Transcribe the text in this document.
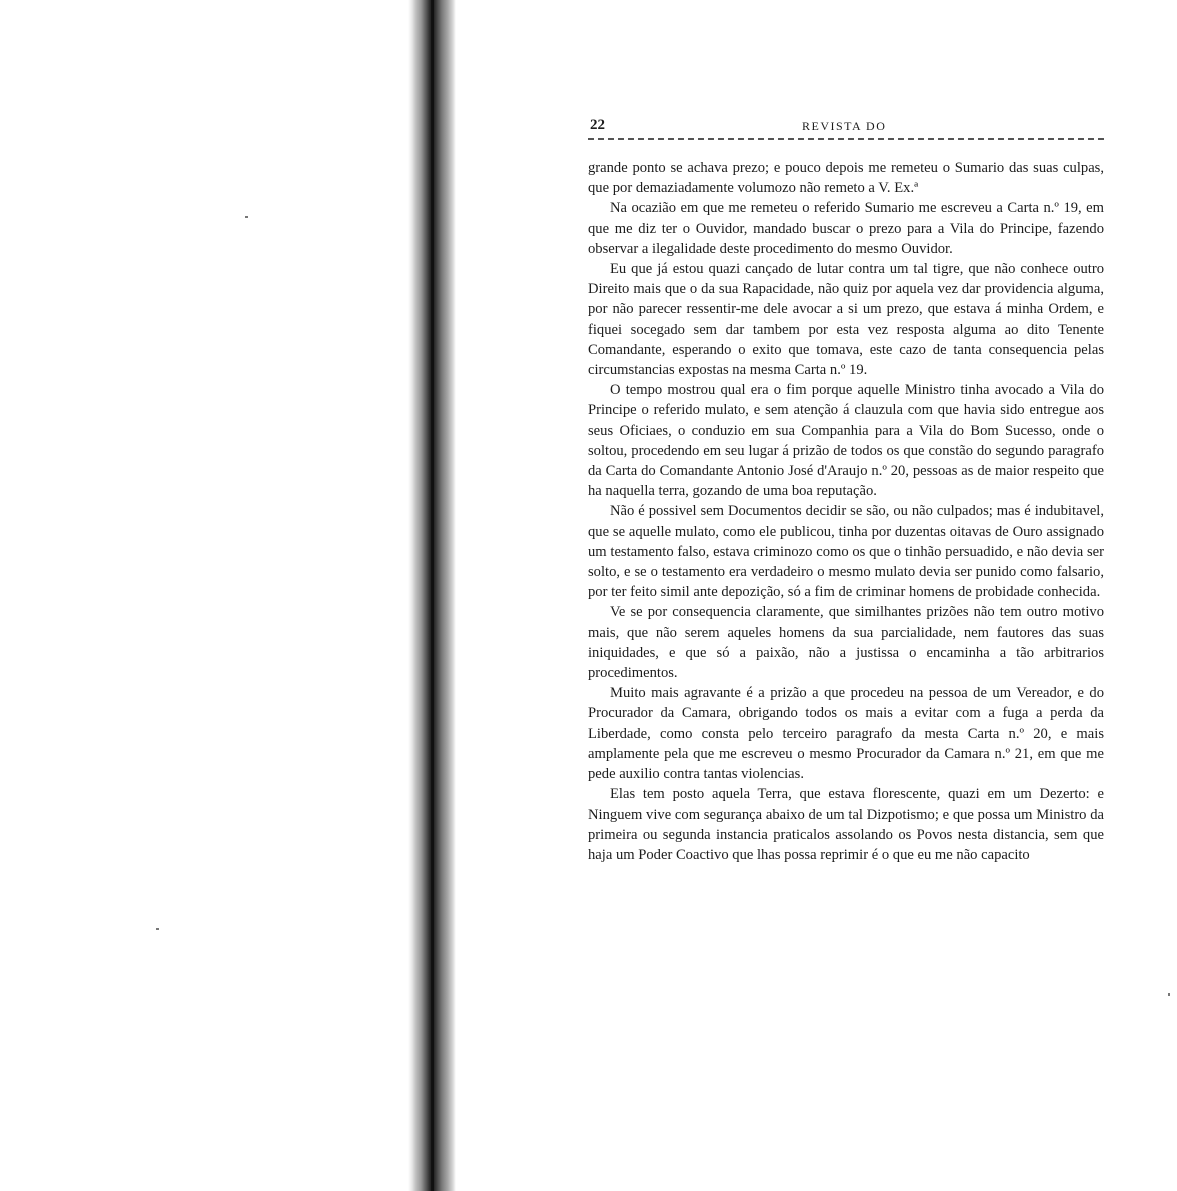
22	REVISTA DO

grande ponto se achava prezo; e pouco depois me remeteu o Sumario das suas culpas, que por demaziadamente volumozo não remeto a V. Ex.ª

Na ocazião em que me remeteu o referido Sumario me escreveu a Carta n.º 19, em que me diz ter o Ouvidor, mandado buscar o prezo para a Vila do Principe, fazendo observar a ilegalidade deste procedimento do mesmo Ouvidor.

Eu que já estou quazi cançado de lutar contra um tal tigre, que não conhece outro Direito mais que o da sua Rapacidade, não quiz por aquela vez dar providencia alguma, por não parecer ressentir-me dele avocar a si um prezo, que estava á minha Ordem, e fiquei socegado sem dar tambem por esta vez resposta alguma ao dito Tenente Comandante, esperando o exito que tomava, este cazo de tanta consequencia pelas circumstancias expostas na mesma Carta n.º 19.

O tempo mostrou qual era o fim porque aquelle Ministro tinha avocado a Vila do Principe o referido mulato, e sem atenção á clauzula com que havia sido entregue aos seus Oficiaes, o conduzio em sua Companhia para a Vila do Bom Sucesso, onde o soltou, procedendo em seu lugar á prizão de todos os que constão do segundo paragrafo da Carta do Comandante Antonio José d'Araujo n.º 20, pessoas as de maior respeito que ha naquella terra, gozando de uma boa reputação.

Não é possivel sem Documentos decidir se são, ou não culpados; mas é indubitavel, que se aquelle mulato, como ele publicou, tinha por duzentas oitavas de Ouro assignado um testamento falso, estava criminozo como os que o tinhão persuadido, e não devia ser solto, e se o testamento era verdadeiro o mesmo mulato devia ser punido como falsario, por ter feito simil ante depozição, só a fim de criminar homens de probidade conhecida.

Ve se por consequencia claramente, que similhantes prizões não tem outro motivo mais, que não serem aqueles homens da sua parcialidade, nem fautores das suas iniquidades, e que só a paixão, não a justissa o encaminha a tão arbitrarios procedimentos.

Muito mais agravante é a prizão a que procedeu na pessoa de um Vereador, e do Procurador da Camara, obrigando todos os mais a evitar com a fuga a perda da Liberdade, como consta pelo terceiro paragrafo da mesta Carta n.º 20, e mais amplamente pela que me escreveu o mesmo Procurador da Camara n.º 21, em que me pede auxilio contra tantas violencias.

Elas tem posto aquela Terra, que estava florescente, quazi em um Dezerto: e Ninguem vive com segurança abaixo de um tal Dizpotismo; e que possa um Ministro da primeira ou segunda instancia praticalos assolando os Povos nesta distancia, sem que haja um Poder Coactivo que lhas possa reprimir é o que eu me não capacito
